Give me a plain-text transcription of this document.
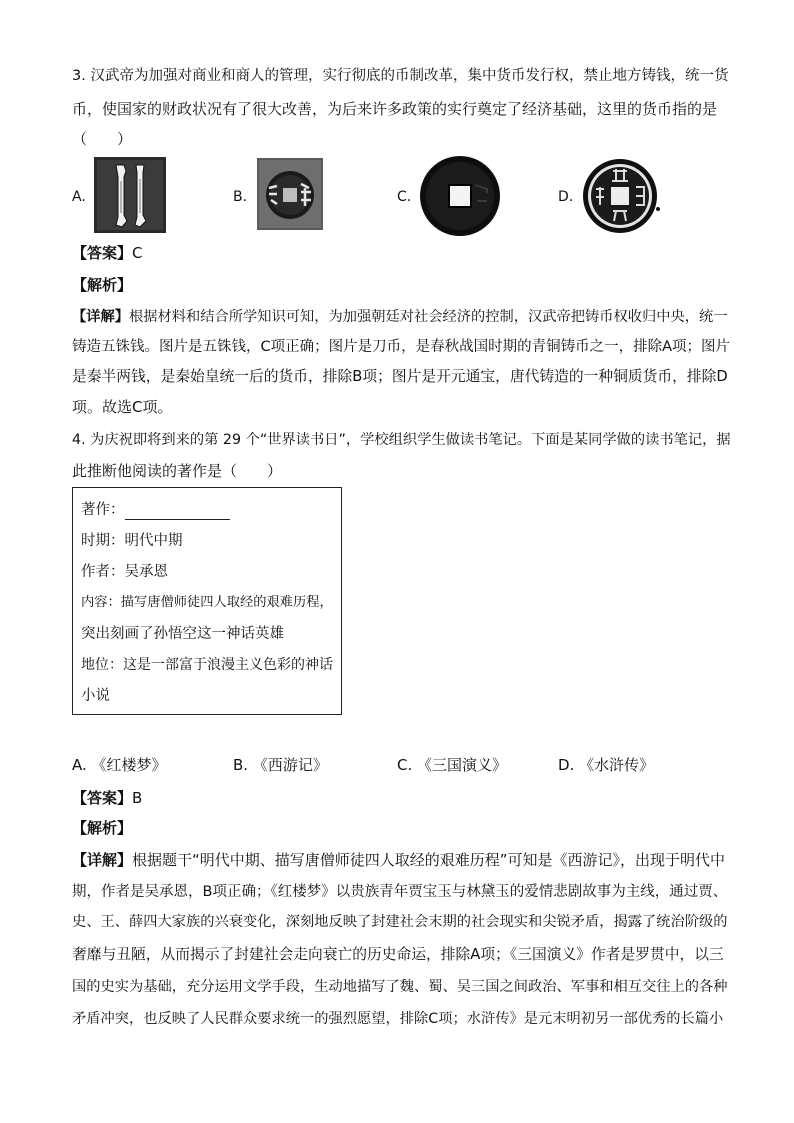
3. 汉武帝为加强对商业和商人的管理，实行彻底的币制改革，集中货币发行权，禁止地方铸钱，统一货
币，使国家的财政状况有了很大改善，为后来许多政策的实行奠定了经济基础，这里的货币指的是
（　　）
A.	B.	C.	D.
【答案】C
【解析】
【详解】根据材料和结合所学知识可知，为加强朝廷对社会经济的控制，汉武帝把铸币权收归中央，统一
铸造五铢钱。图片是五铢钱，C项正确；图片是刀币，是春秋战国时期的青铜铸币之一，排除A项；图片
是秦半两钱，是秦始皇统一后的货币，排除B项；图片是开元通宝，唐代铸造的一种铜质货币，排除D
项。故选C项。
4. 为庆祝即将到来的第 29 个“世界读书日”，学校组织学生做读书笔记。下面是某同学做的读书笔记，据
此推断他阅读的著作是（　　）
著作：
时期：明代中期
作者：吴承恩
内容：描写唐僧师徒四人取经的艰难历程，
突出刻画了孙悟空这一神话英雄
地位：这是一部富于浪漫主义色彩的神话
小说
A. 《红楼梦》	B. 《西游记》	C. 《三国演义》	D. 《水浒传》
【答案】B
【解析】
【详解】根据题干“明代中期、描写唐僧师徒四人取经的艰难历程”可知是《西游记》，出现于明代中
期，作者是吴承恩，B项正确；《红楼梦》以贵族青年贾宝玉与林黛玉的爱情悲剧故事为主线，通过贾、
史、王、薛四大家族的兴衰变化，深刻地反映了封建社会末期的社会现实和尖锐矛盾，揭露了统治阶级的
奢靡与丑陋，从而揭示了封建社会走向衰亡的历史命运，排除A项；《三国演义》作者是罗贯中，以三
国的史实为基础，充分运用文学手段，生动地描写了魏、蜀、吴三国之间政治、军事和相互交往上的各种
矛盾冲突，也反映了人民群众要求统一的强烈愿望，排除C项；水浒传》是元末明初另一部优秀的长篇小
